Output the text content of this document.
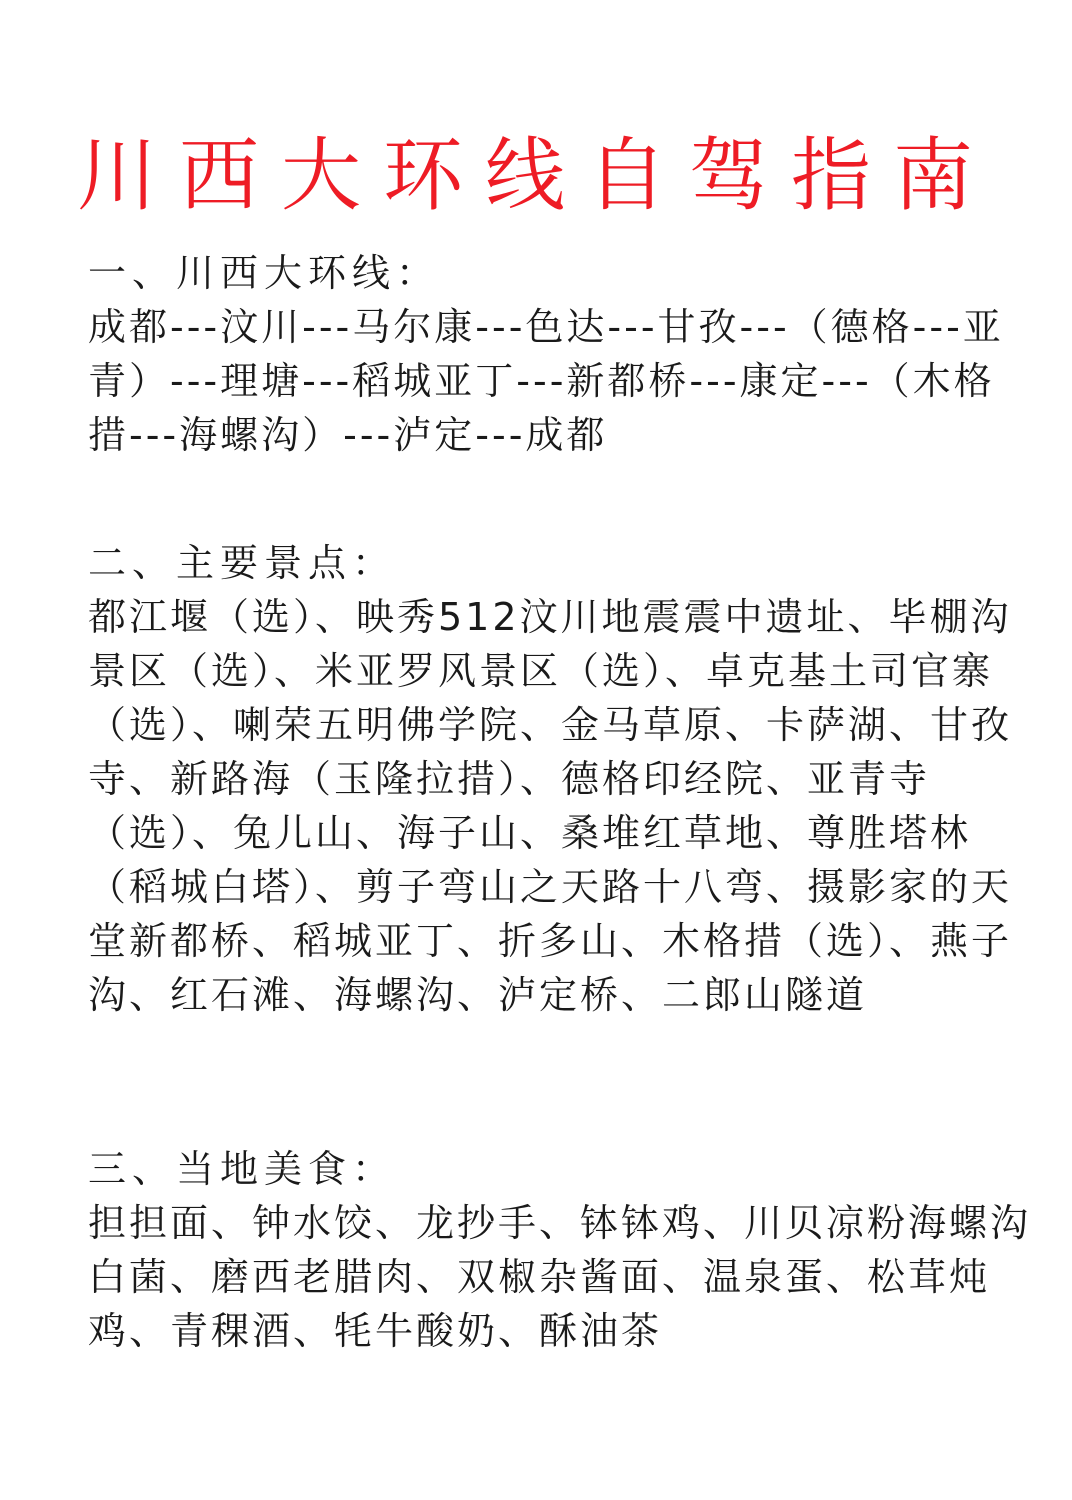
川西大环线自驾指南
一、川西大环线：
成都---汶川---马尔康---色达---甘孜---（德格---亚青）---理塘---稻城亚丁---新都桥---康定---（木格措---海螺沟）---泸定---成都
二、主要景点：
都江堰（选）、映秀512汶川地震震中遗址、毕棚沟景区（选）、米亚罗风景区（选）、卓克基土司官寨（选）、喇荣五明佛学院、金马草原、卡萨湖、甘孜寺、新路海（玉隆拉措）、德格印经院、亚青寺（选）、兔儿山、海子山、桑堆红草地、尊胜塔林（稻城白塔）、剪子弯山之天路十八弯、摄影家的天堂新都桥、稻城亚丁、折多山、木格措（选）、燕子沟、红石滩、海螺沟、泸定桥、二郎山隧道
三、当地美食：
担担面、钟水饺、龙抄手、钵钵鸡、川贝凉粉海螺沟白菌、磨西老腊肉、双椒杂酱面、温泉蛋、松茸炖鸡、青稞酒、牦牛酸奶、酥油茶
